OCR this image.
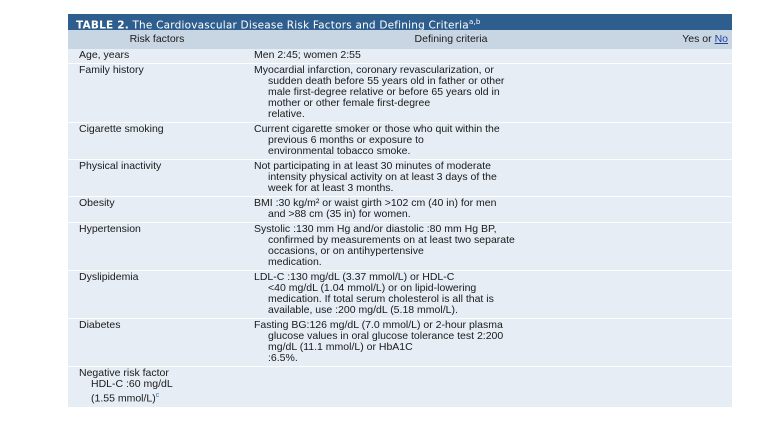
TABLE 2. The Cardiovascular Disease Risk Factors and Defining Criteria$^{a,b}$
Risk factors	Defining criteria	Yes or No

Age, years	Men 2:45; women 2:55	

Family history	Myocardial infarction, coronary revascularization, or
sudden death before 55 years old in father or other
male first-degree relative or before 65 years old in
mother or other female first-degree
relative.	

Cigarette smoking	Current cigarette smoker or those who quit within the
previous 6 months or exposure to
environmental tobacco smoke.	

Physical inactivity	Not participating in at least 30 minutes of moderate
intensity physical activity on at least 3 days of the
week for at least 3 months.	

Obesity	BMI :30 kg/m² or waist girth >102 cm (40 in) for men
and >88 cm (35 in) for women.	

Hypertension	Systolic :130 mm Hg and/or diastolic :80 mm Hg BP,
confirmed by measurements on at least two separate
occasions, or on antihypertensive
medication.	

Dyslipidemia	LDL-C :130 mg/dL (3.37 mmol/L) or HDL-C
<40 mg/dL (1.04 mmol/L) or on lipid-lowering
medication. If total serum cholesterol is all that is
available, use :200 mg/dL (5.18 mmol/L).	

Diabetes	Fasting BG:126 mg/dL (7.0 mmol/L) or 2-hour plasma
glucose values in oral glucose tolerance test 2:200
mg/dL (11.1 mmol/L) or HbA1C
:6.5%.	

Negative risk factor
HDL-C :60 mg/dL
(1.55 mmol/L)$^c$
